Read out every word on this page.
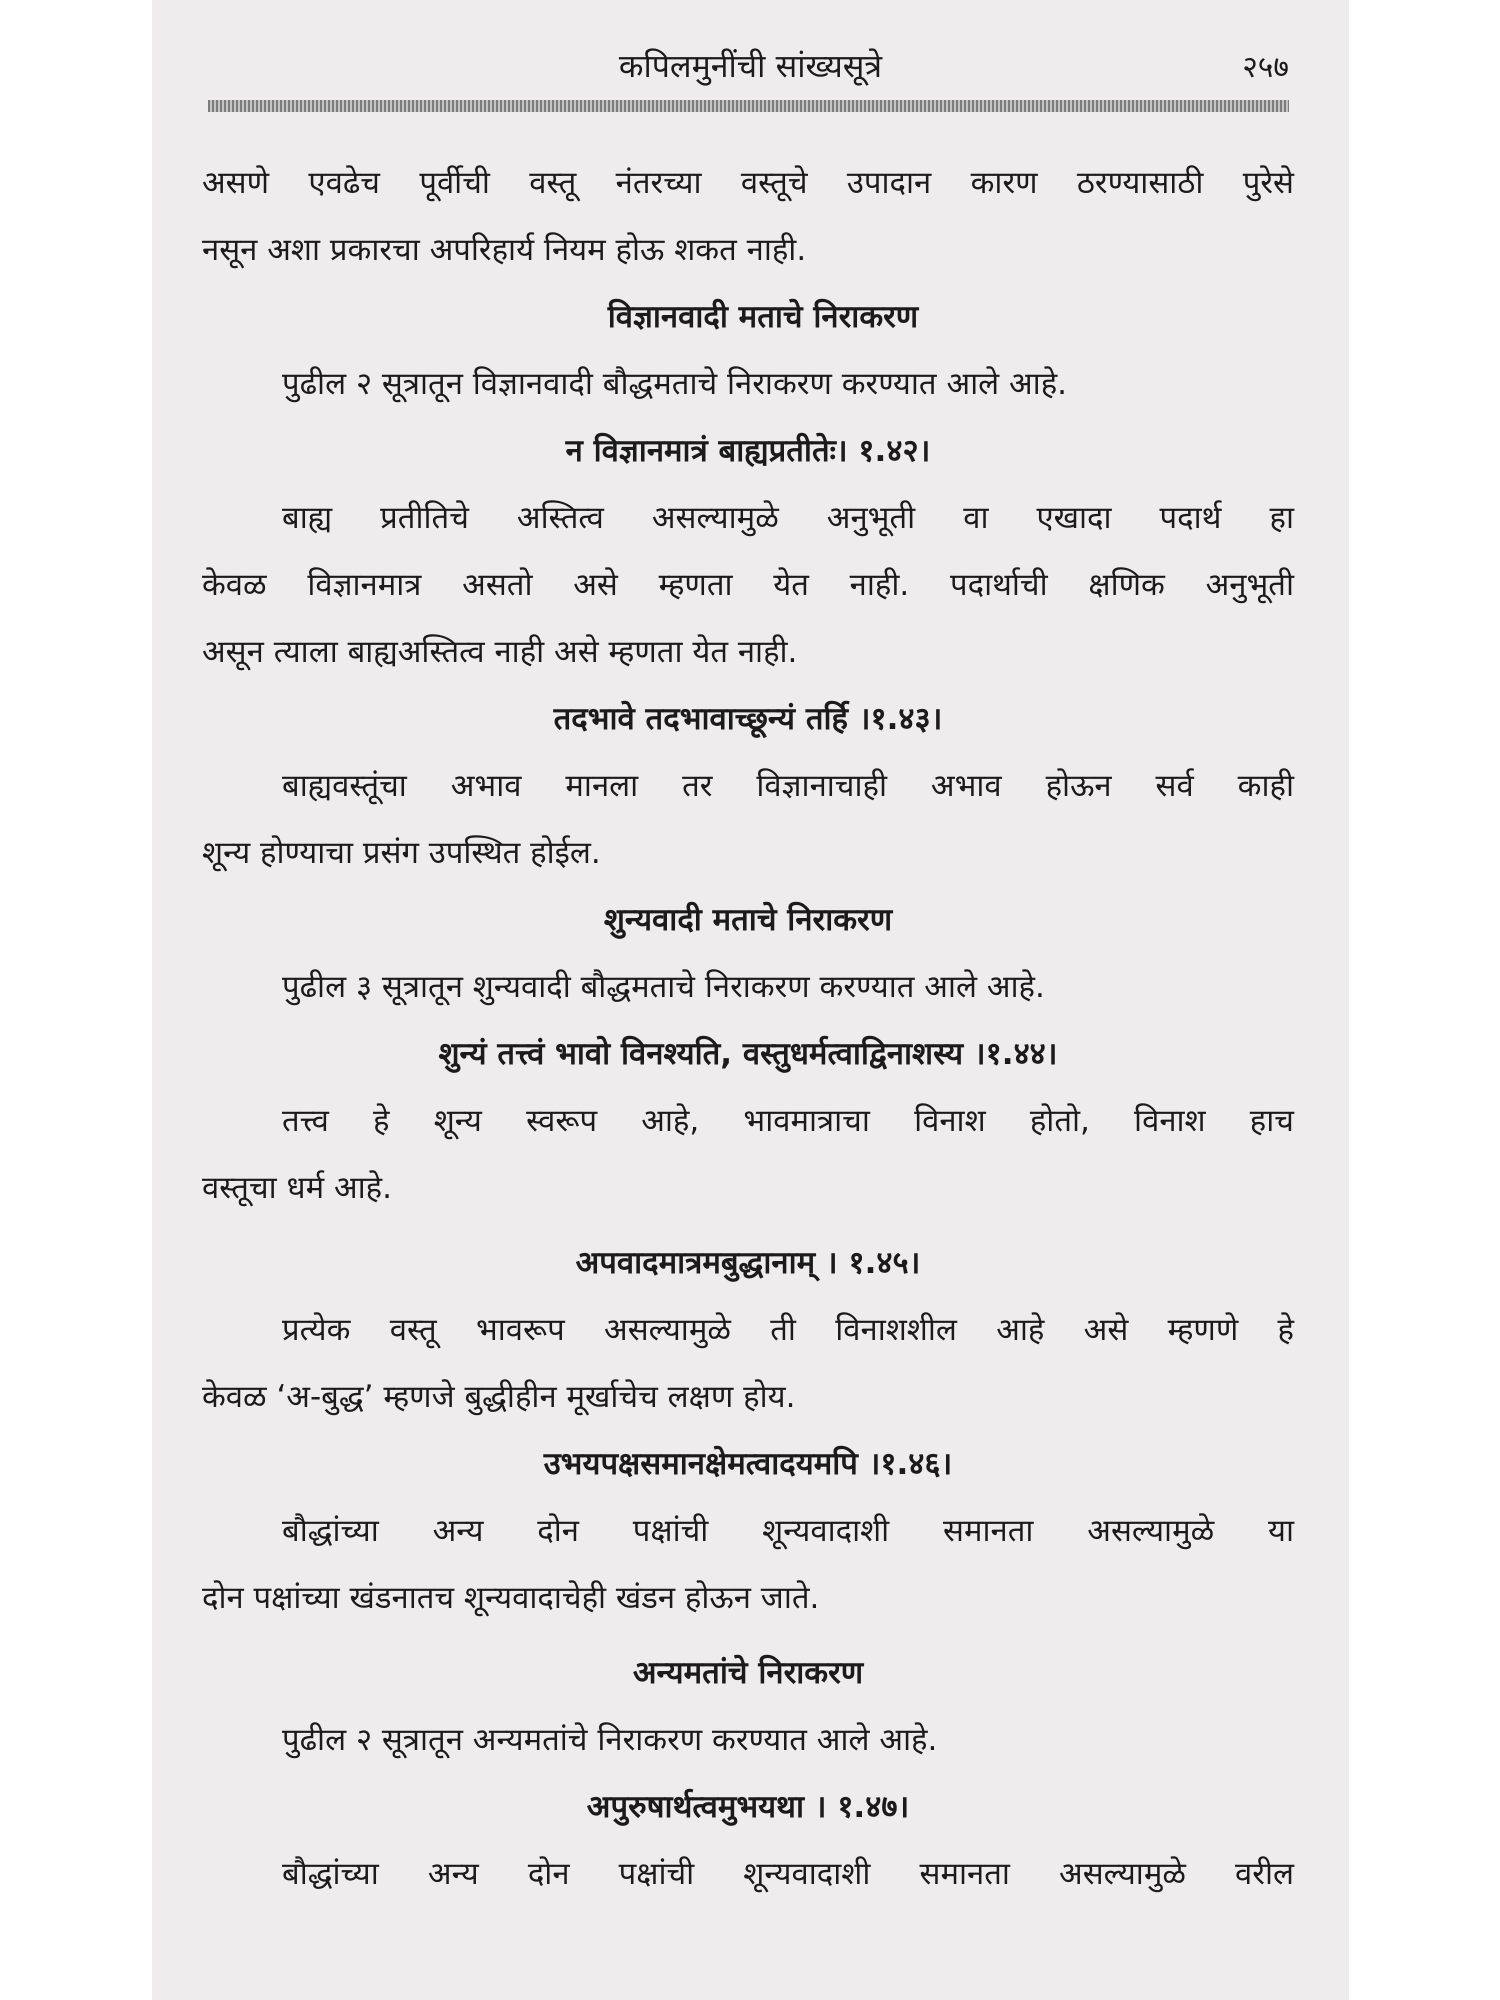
कपिलमुनींची सांख्यसूत्रे	२५७
असणे एवढेच पूर्वीची वस्तू नंतरच्या वस्तूचे उपादान कारण ठरण्यासाठी पुरेसे
नसून अशा प्रकारचा अपरिहार्य नियम होऊ शकत नाही.
विज्ञानवादी मताचे निराकरण
पुढील २ सूत्रातून विज्ञानवादी बौद्धमताचे निराकरण करण्यात आले आहे.
न विज्ञानमात्रं बाह्यप्रतीतेः। १.४२।
बाह्य प्रतीतिचे अस्तित्व असल्यामुळे अनुभूती वा एखादा पदार्थ हा
केवळ विज्ञानमात्र असतो असे म्हणता येत नाही. पदार्थाची क्षणिक अनुभूती
असून त्याला बाह्यअस्तित्व नाही असे म्हणता येत नाही.
तदभावे तदभावाच्छून्यं तर्हि ।१.४३।
बाह्यवस्तूंचा अभाव मानला तर विज्ञानाचाही अभाव होऊन सर्व काही
शून्य होण्याचा प्रसंग उपस्थित होईल.
शुन्यवादी मताचे निराकरण
पुढील ३ सूत्रातून शुन्यवादी बौद्धमताचे निराकरण करण्यात आले आहे.
शुन्यं तत्त्वं भावो विनश्यति, वस्तुधर्मत्वाद्विनाशस्य ।१.४४।
तत्त्व हे शून्य स्वरूप आहे, भावमात्राचा विनाश होतो, विनाश हाच
वस्तूचा धर्म आहे.
अपवादमात्रमबुद्धानाम् । १.४५।
प्रत्येक वस्तू भावरूप असल्यामुळे ती विनाशशील आहे असे म्हणणे हे
केवळ ‘अ-बुद्ध’ म्हणजे बुद्धीहीन मूर्खाचेच लक्षण होय.
उभयपक्षसमानक्षेमत्वादयमपि ।१.४६।
बौद्धांच्या अन्य दोन पक्षांची शून्यवादाशी समानता असल्यामुळे या
दोन पक्षांच्या खंडनातच शून्यवादाचेही खंडन होऊन जाते.
अन्यमतांचे निराकरण
पुढील २ सूत्रातून अन्यमतांचे निराकरण करण्यात आले आहे.
अपुरुषार्थत्वमुभयथा । १.४७।
बौद्धांच्या अन्य दोन पक्षांची शून्यवादाशी समानता असल्यामुळे वरील
